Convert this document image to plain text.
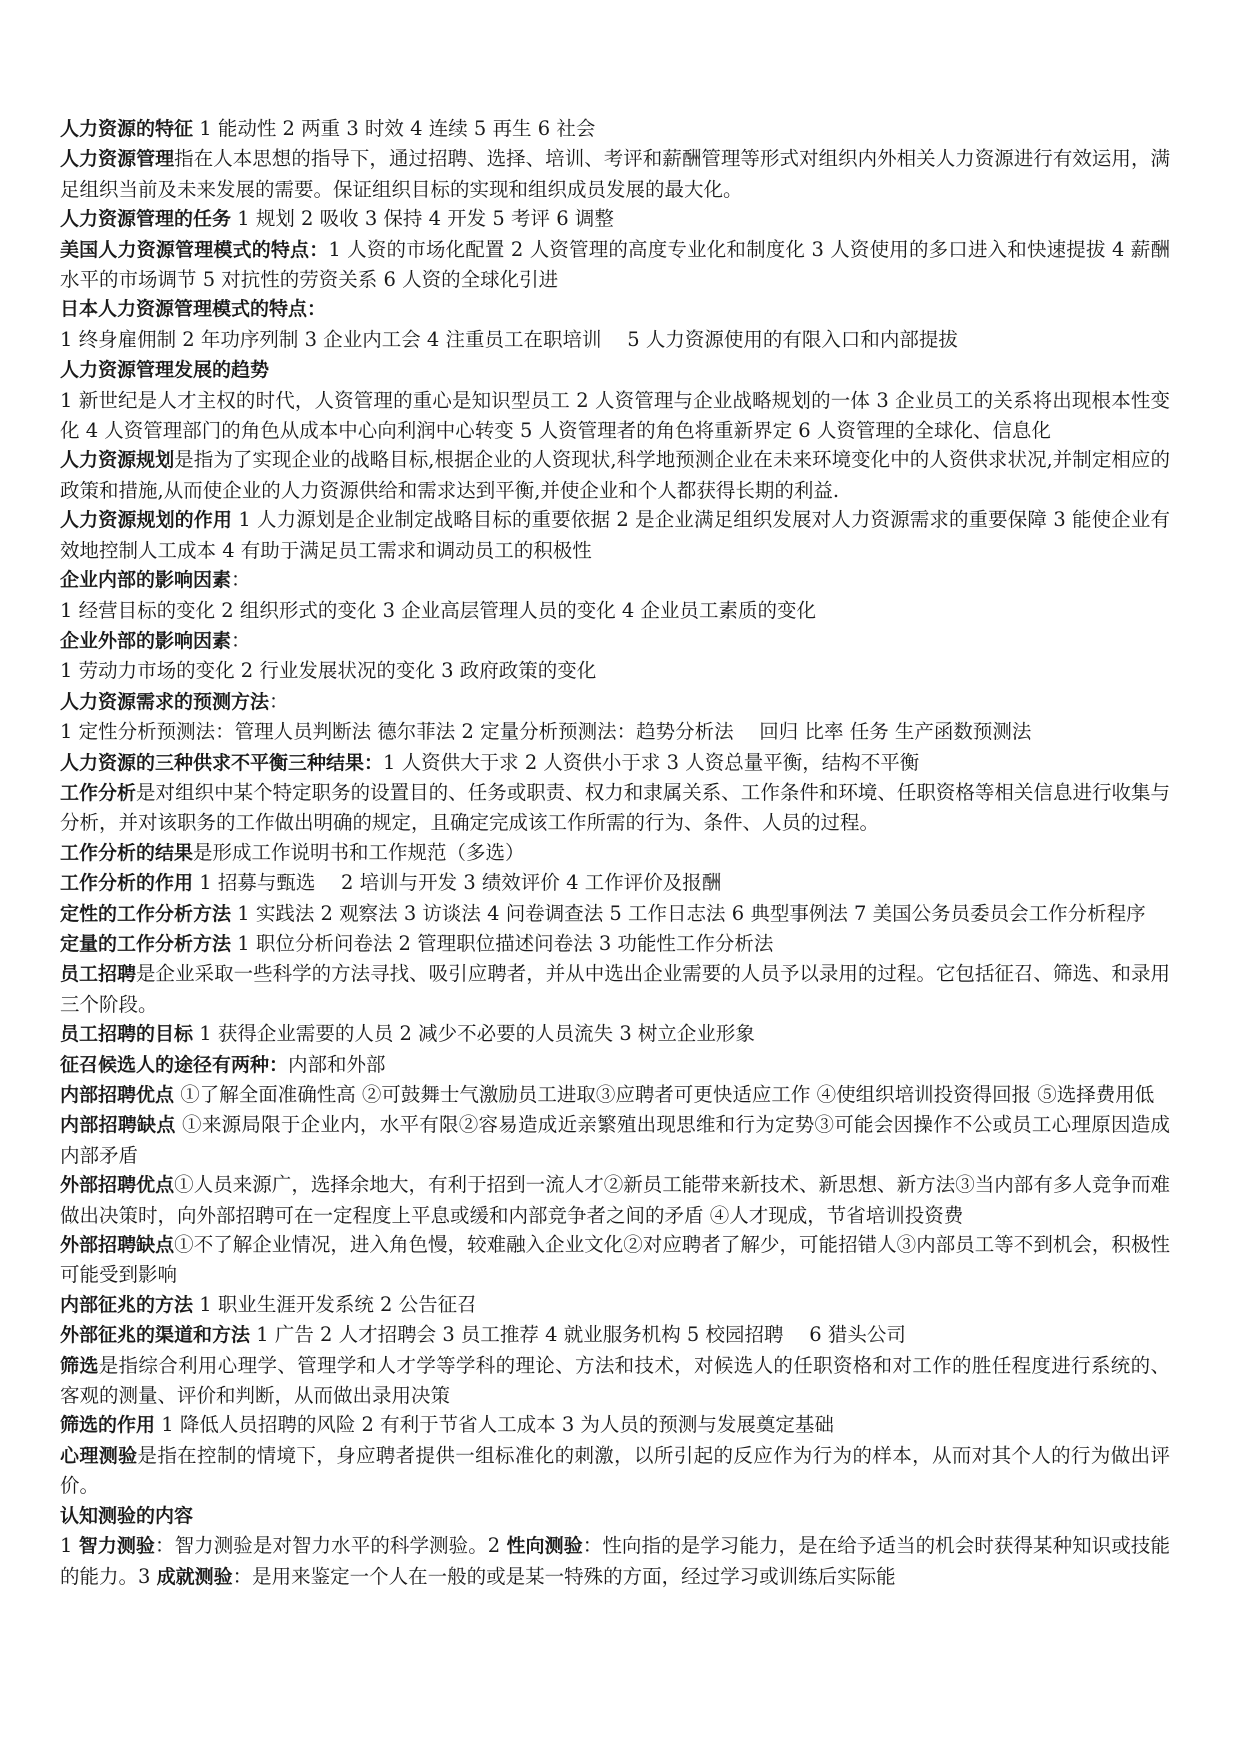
人力资源的特征 1 能动性 2 两重 3 时效 4 连续 5 再生 6 社会

人力资源管理指在人本思想的指导下，通过招聘、选择、培训、考评和薪酬管理等形式对组织内外相关人力资源进行有效运用，满足组织当前及未来发展的需要。保证组织目标的实现和组织成员发展的最大化。

人力资源管理的任务 1 规划 2 吸收 3 保持 4 开发 5 考评 6 调整

美国人力资源管理模式的特点：1 人资的市场化配置 2 人资管理的高度专业化和制度化 3 人资使用的多口进入和快速提拔 4 薪酬水平的市场调节 5 对抗性的劳资关系 6 人资的全球化引进

日本人力资源管理模式的特点：

1 终身雇佣制 2 年功序列制 3 企业内工会 4 注重员工在职培训　 5 人力资源使用的有限入口和内部提拔

人力资源管理发展的趋势

1 新世纪是人才主权的时代，人资管理的重心是知识型员工 2 人资管理与企业战略规划的一体 3 企业员工的关系将出现根本性变化 4 人资管理部门的角色从成本中心向利润中心转变 5 人资管理者的角色将重新界定 6 人资管理的全球化、信息化

人力资源规划是指为了实现企业的战略目标,根据企业的人资现状,科学地预测企业在未来环境变化中的人资供求状况,并制定相应的政策和措施,从而使企业的人力资源供给和需求达到平衡,并使企业和个人都获得长期的利益.

人力资源规划的作用 1 人力源划是企业制定战略目标的重要依据 2 是企业满足组织发展对人力资源需求的重要保障 3 能使企业有效地控制人工成本 4 有助于满足员工需求和调动员工的积极性

企业内部的影响因素：

1 经营目标的变化 2 组织形式的变化 3 企业高层管理人员的变化 4 企业员工素质的变化

企业外部的影响因素：

1 劳动力市场的变化 2 行业发展状况的变化 3 政府政策的变化

人力资源需求的预测方法：

1 定性分析预测法：管理人员判断法 德尔菲法 2 定量分析预测法：趋势分析法　 回归 比率 任务 生产函数预测法

人力资源的三种供求不平衡三种结果：1 人资供大于求 2 人资供小于求 3 人资总量平衡，结构不平衡

工作分析是对组织中某个特定职务的设置目的、任务或职责、权力和隶属关系、工作条件和环境、任职资格等相关信息进行收集与分析，并对该职务的工作做出明确的规定，且确定完成该工作所需的行为、条件、人员的过程。

工作分析的结果是形成工作说明书和工作规范（多选）

工作分析的作用 1 招募与甄选　 2 培训与开发 3 绩效评价 4 工作评价及报酬

定性的工作分析方法 1 实践法 2 观察法 3 访谈法 4 问卷调查法 5 工作日志法 6 典型事例法 7 美国公务员委员会工作分析程序

定量的工作分析方法 1 职位分析问卷法 2 管理职位描述问卷法 3 功能性工作分析法

员工招聘是企业采取一些科学的方法寻找、吸引应聘者，并从中选出企业需要的人员予以录用的过程。它包括征召、筛选、和录用三个阶段。

员工招聘的目标 1 获得企业需要的人员 2 减少不必要的人员流失 3 树立企业形象

征召候选人的途径有两种：内部和外部

内部招聘优点 ①了解全面准确性高 ②可鼓舞士气激励员工进取③应聘者可更快适应工作 ④使组织培训投资得回报 ⑤选择费用低

内部招聘缺点 ①来源局限于企业内，水平有限②容易造成近亲繁殖出现思维和行为定势③可能会因操作不公或员工心理原因造成内部矛盾

外部招聘优点①人员来源广，选择余地大，有利于招到一流人才②新员工能带来新技术、新思想、新方法③当内部有多人竞争而难做出决策时，向外部招聘可在一定程度上平息或缓和内部竞争者之间的矛盾 ④人才现成，节省培训投资费

外部招聘缺点①不了解企业情况，进入角色慢，较难融入企业文化②对应聘者了解少，可能招错人③内部员工等不到机会，积极性可能受到影响

内部征兆的方法 1 职业生涯开发系统 2 公告征召

外部征兆的渠道和方法 1 广告 2 人才招聘会 3 员工推荐 4 就业服务机构 5 校园招聘　 6 猎头公司

筛选是指综合利用心理学、管理学和人才学等学科的理论、方法和技术，对候选人的任职资格和对工作的胜任程度进行系统的、客观的测量、评价和判断，从而做出录用决策

筛选的作用 1 降低人员招聘的风险 2 有利于节省人工成本 3 为人员的预测与发展奠定基础

心理测验是指在控制的情境下，身应聘者提供一组标准化的刺激，以所引起的反应作为行为的样本，从而对其个人的行为做出评价。

认知测验的内容

1 智力测验：智力测验是对智力水平的科学测验。2 性向测验：性向指的是学习能力，是在给予适当的机会时获得某种知识或技能的能力。3 成就测验：是用来鉴定一个人在一般的或是某一特殊的方面，经过学习或训练后实际能
